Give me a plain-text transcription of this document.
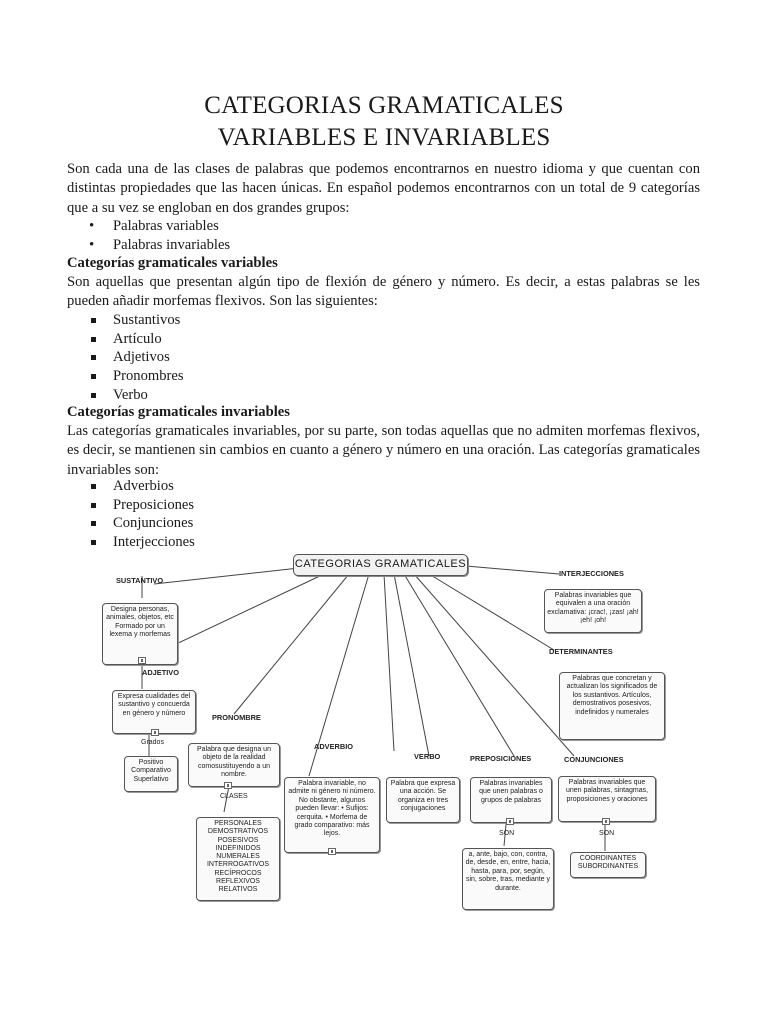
CATEGORIAS GRAMATICALES
VARIABLES E INVARIABLES
Son cada una de las clases de palabras que podemos encontrarnos en nuestro idioma y que cuentan con distintas propiedades que las hacen únicas. En español podemos encontrarnos con un total de 9 categorías que a su vez se engloban en dos grandes grupos:
• Palabras variables
• Palabras invariables
Categorías gramaticales variables
Son aquellas que presentan algún tipo de flexión de género y número. Es decir, a estas palabras se les pueden añadir morfemas flexivos. Son las siguientes:
Sustantivos
Artículo
Adjetivos
Pronombres
Verbo
Categorías gramaticales invariables
Las categorías gramaticales invariables, por su parte, son todas aquellas que no admiten morfemas flexivos, es decir, se mantienen sin cambios en cuanto a género y número en una oración. Las categorías gramaticales invariables son:
Adverbios
Preposiciones
Conjunciones
Interjecciones
CATEGORIAS GRAMATICALES
SUSTANTIVO
Designa personas, animales, objetos, etc Formado por un lexema y morfemas
ADJETIVO
Expresa cualidades del sustantivo y concuerda en género y número
Grados
Positivo Comparativo Superlativo
PRONOMBRE
Palabra que designa un objeto de la realidad comosustituyendo a un nombre.
CLASES
PERSONALES DEMOSTRATIVOS POSESIVOS INDEFINIDOS NUMERALES INTERROGATIVOS RECÍPROCOS REFLEXIVOS RELATIVOS
ADVERBIO
Palabra invariable, no admite ni género ni número. No obstante, algunos pueden llevar: • Sufijos: cerquita. • Morfema de grado comparativo: más lejos.
VERBO
Palabra que expresa una acción. Se organiza en tres conjugaciones
PREPOSICIONES
Palabras invariables que unen palabras o grupos de palabras
SON
a, ante, bajo, con, contra, de, desde, en, entre, hacia, hasta, para, por, según, sin, sobre, tras, mediante y durante.
INTERJECCIONES
Palabras invariables que equivalen a una oración exclamativa: ¡crac!, ¡zas! ¡ah! ¡eh! ¡oh!
DETERMINANTES
Palabras que concretan y actualizan los significados de los sustantivos. Artículos, demostrativos posesivos, indefinidos y numerales
CONJUNCIONES
Palabras invariables que unen palabras, sintagmas, proposiciones y oraciones
SON
COORDINANTES SUBORDINANTES
